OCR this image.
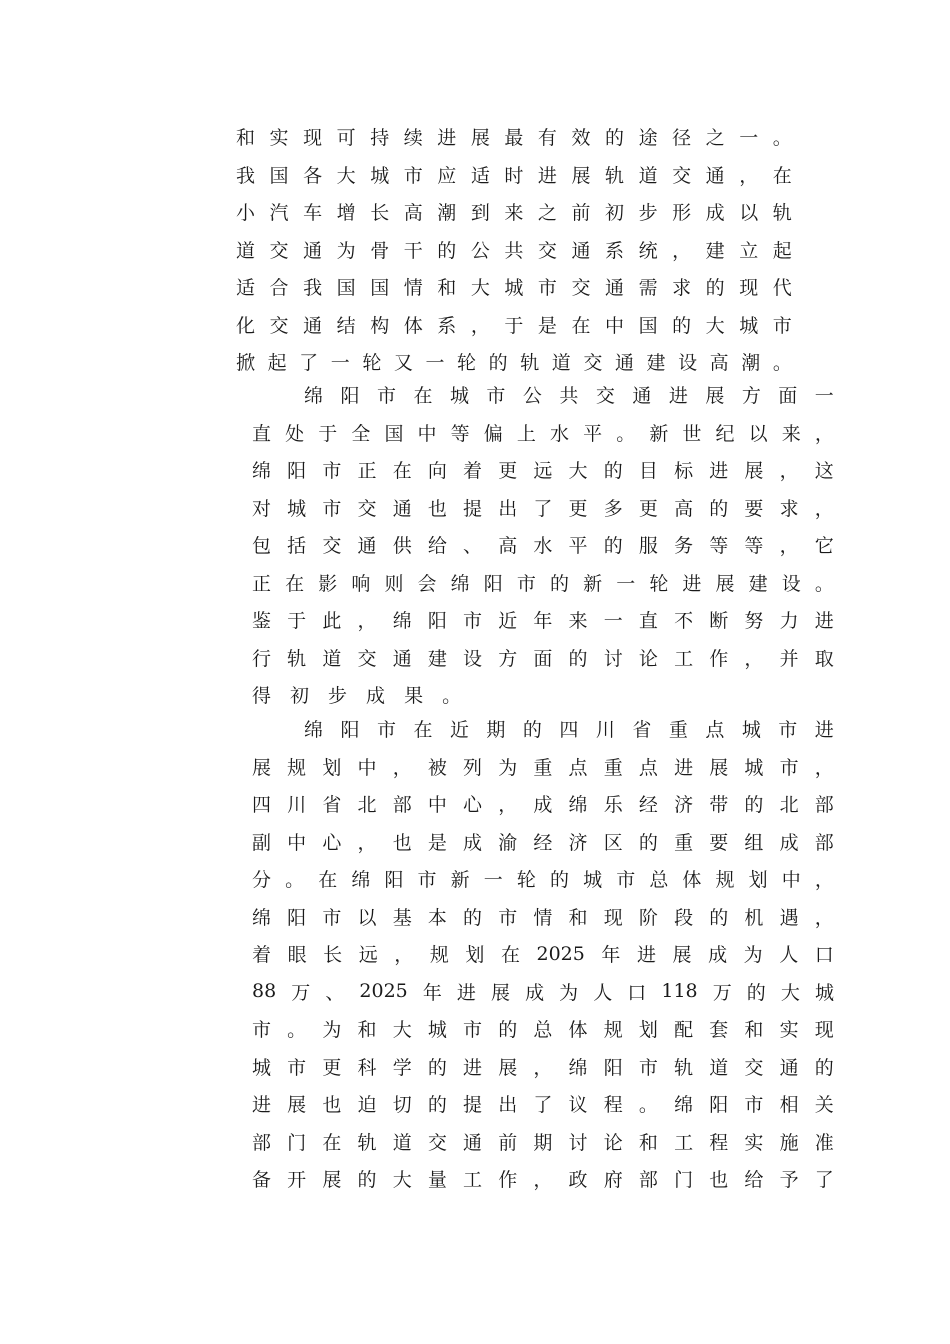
和 实 现 可 持 续 进 展 最 有 效 的 途 径 之 一 。
我 国 各 大 城 市 应 适 时 进 展 轨 道 交 通 ， 在
小 汽 车 增 长 高 潮 到 来 之 前 初 步 形 成 以 轨
道 交 通 为 骨 干 的 公 共 交 通 系 统 ， 建 立 起
适 合 我 国 国 情 和 大 城 市 交 通 需 求 的 现 代
化 交 通 结 构 体 系 ， 于 是 在 中 国 的 大 城 市
掀 起 了 一 轮 又 一 轮 的 轨 道 交 通 建 设 高 潮 。
绵 阳 市 在 城 市 公 共 交 通 进 展 方 面 一
直 处 于 全 国 中 等 偏 上 水 平 。 新 世 纪 以 来 ，
绵 阳 市 正 在 向 着 更 远 大 的 目 标 进 展 ， 这
对 城 市 交 通 也 提 出 了 更 多 更 高 的 要 求 ，
包 括 交 通 供 给 、 高 水 平 的 服 务 等 等 ， 它
正 在 影 响 则 会 绵 阳 市 的 新 一 轮 进 展 建 设 。
鉴 于 此 ， 绵 阳 市 近 年 来 一 直 不 断 努 力 进
行 轨 道 交 通 建 设 方 面 的 讨 论 工 作 ， 并 取
得 初 步 成 果 。
绵 阳 市 在 近 期 的 四 川 省 重 点 城 市 进
展 规 划 中 ， 被 列 为 重 点 重 点 进 展 城 市 ，
四 川 省 北 部 中 心 ， 成 绵 乐 经 济 带 的 北 部
副 中 心 ， 也 是 成 渝 经 济 区 的 重 要 组 成 部
分 。 在 绵 阳 市 新 一 轮 的 城 市 总 体 规 划 中 ，
绵 阳 市 以 基 本 的 市 情 和 现 阶 段 的 机 遇 ，
着 眼 长 远 ， 规 划 在 2025 年 进 展 成 为 人 口
88 万 、 2025 年 进 展 成 为 人 口 118 万 的 大 城
市 。 为 和 大 城 市 的 总 体 规 划 配 套 和 实 现
城 市 更 科 学 的 进 展 ， 绵 阳 市 轨 道 交 通 的
进 展 也 迫 切 的 提 出 了 议 程 。 绵 阳 市 相 关
部 门 在 轨 道 交 通 前 期 讨 论 和 工 程 实 施 准
备 开 展 的 大 量 工 作 ， 政 府 部 门 也 给 予 了
